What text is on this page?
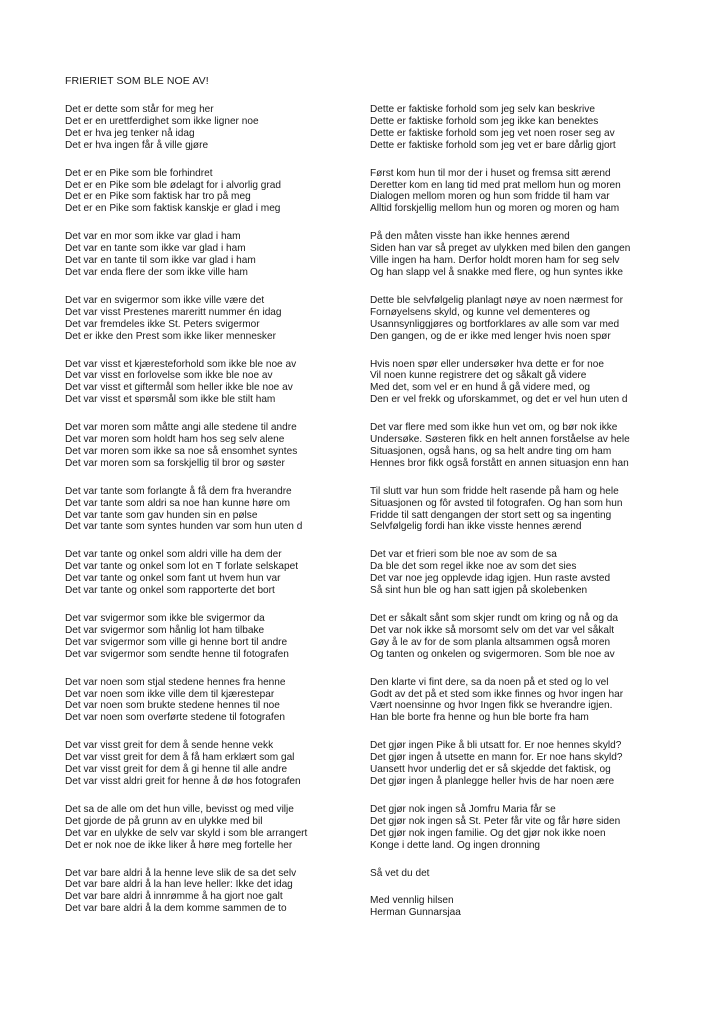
FRIERIET SOM BLE NOE AV!
Det er dette som står for meg her
Det er en urettferdighet som ikke ligner noe
Det er hva jeg tenker nå idag
Det er hva ingen får å ville gjøre
Det er en Pike som ble forhindret
Det er en Pike som ble ødelagt for i alvorlig grad
Det er en Pike som faktisk har tro på meg
Det er en Pike som faktisk kanskje er glad i meg
Det var en mor som ikke var glad i ham
Det var en tante som ikke var glad i ham
Det var en tante til som ikke var glad i ham
Det var enda flere der som ikke ville ham
Det var en svigermor som ikke ville være det
Det var visst Prestenes mareritt nummer én idag
Det var fremdeles ikke St. Peters svigermor
Det er ikke den Prest som ikke liker mennesker
Det var visst et kjæresteforhold som ikke ble noe av
Det var visst en forlovelse som ikke ble noe av
Det var visst et giftermål som heller ikke ble noe av
Det var visst et spørsmål som ikke ble stilt ham
Det var moren som måtte angi alle stedene til andre
Det var moren som holdt ham hos seg selv alene
Det var moren som ikke sa noe så ensomhet syntes
Det var moren som sa forskjellig til bror og søster
Det var tante som forlangte å få dem fra hverandre
Det var tante som aldri sa noe han kunne høre om
Det var tante som gav hunden sin en pølse
Det var tante som syntes hunden var som hun uten d
Det var tante og onkel som aldri ville ha dem der
Det var tante og onkel som lot en T forlate selskapet
Det var tante og onkel som fant ut hvem hun var
Det var tante og onkel som rapporterte det bort
Det var svigermor som ikke ble svigermor da
Det var svigermor som hånlig lot ham tilbake
Det var svigermor som ville gi henne bort til andre
Det var svigermor som sendte henne til fotografen
Det var noen som stjal stedene hennes fra henne
Det var noen som ikke ville dem til kjærestepar
Det var noen som brukte stedene hennes til noe
Det var noen som overførte stedene til fotografen
Det var visst greit for dem å sende henne vekk
Det var visst greit for dem å få ham erklært som gal
Det var visst greit for dem å gi henne til alle andre
Det var visst aldri greit for henne å dø hos fotografen
Det sa de alle om det hun ville, bevisst og med vilje
Det gjorde de på grunn av en ulykke med bil
Det var en ulykke de selv var skyld i som ble arrangert
Det er nok noe de ikke liker å høre meg fortelle her
Det var bare aldri å la henne leve slik de sa det selv
Det var bare aldri å la han leve heller: Ikke det idag
Det var bare aldri å innrømme å ha gjort noe galt
Det var bare aldri å la dem komme sammen de to
Dette er faktiske forhold som jeg selv kan beskrive
Dette er faktiske forhold som jeg ikke kan benektes
Dette er faktiske forhold som jeg vet noen roser seg av
Dette er faktiske forhold som jeg vet er bare dårlig gjort
Først kom hun til mor der i huset og fremsa sitt ærend
Deretter kom en lang tid med prat mellom hun og moren
Dialogen mellom moren og hun som fridde til ham var
Alltid forskjellig mellom hun og moren og moren og ham
På den måten visste han ikke hennes ærend
Siden han var så preget av ulykken med bilen den gangen
Ville ingen ha ham. Derfor holdt moren ham for seg selv
Og han slapp vel å snakke med flere, og hun syntes ikke
Dette ble selvfølgelig planlagt nøye av noen nærmest for
Fornøyelsens skyld, og kunne vel dementeres og
Usannsynliggjøres og bortforklares av alle som var med
Den gangen, og de er ikke med lenger hvis noen spør
Hvis noen spør eller undersøker hva dette er for noe
Vil noen kunne registrere det og såkalt gå videre
Med det, som vel er en hund å gå videre med, og
Den er vel frekk og uforskammet, og det er vel hun uten d
Det var flere med som ikke hun vet om, og bør nok ikke
Undersøke. Søsteren fikk en helt annen forståelse av hele
Situasjonen, også hans, og sa helt andre ting om ham
Hennes bror fikk også forstått en annen situasjon enn han
Til slutt var hun som fridde helt rasende på ham og hele
Situasjonen og fôr avsted til fotografen. Og han som hun
Fridde til satt dengangen der stort sett og sa ingenting
Selvfølgelig fordi han ikke visste hennes ærend
Det var et frieri som ble noe av som de sa
Da ble det som regel ikke noe av som det sies
Det var noe jeg opplevde idag igjen. Hun raste avsted
Så sint hun ble og han satt igjen på skolebenken
Det er såkalt sånt som skjer rundt om kring og nå og da
Det var nok ikke så morsomt selv om det var vel såkalt
Gøy å le av for de som planla altsammen også moren
Og tanten og onkelen og svigermoren. Som ble noe av
Den klarte vi fint dere, sa da noen på et sted og lo vel
Godt av det på et sted som ikke finnes og hvor ingen har
Vært noensinne og hvor Ingen fikk se hverandre igjen.
Han ble borte fra henne og hun ble borte fra ham
Det gjør ingen Pike å bli utsatt for. Er noe hennes skyld?
Det gjør ingen å utsette en mann for. Er noe hans skyld?
Uansett hvor underlig det er så skjedde det faktisk, og
Det gjør ingen å planlegge heller hvis de har noen ære
Det gjør nok ingen så Jomfru Maria får se
Det gjør nok ingen så St. Peter får vite og får høre siden
Det gjør nok ingen familie. Og det gjør nok ikke noen
Konge i dette land. Og ingen dronning
Så vet du det
Med vennlig hilsen
Herman Gunnarsjaa
